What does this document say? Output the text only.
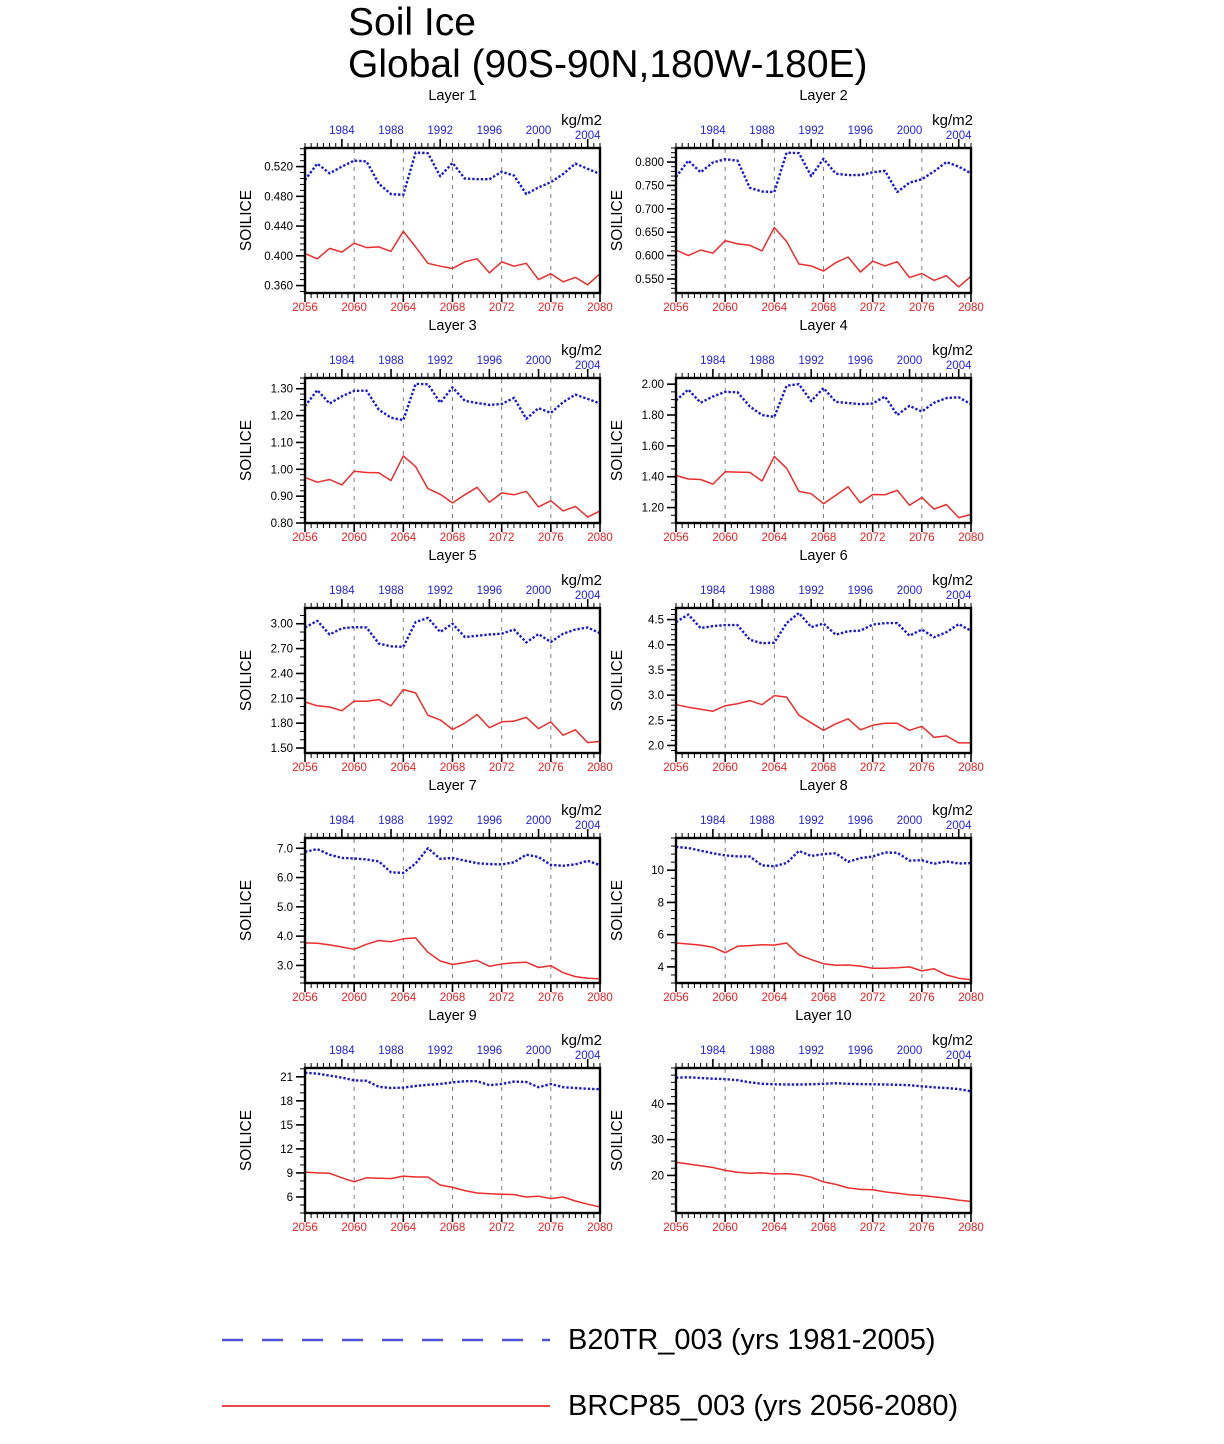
Soil Ice
Global (90S-90N,180W-180E)
0.360
0.400
0.440
0.480
0.520
1984 1988 1992 1996 2000 2004
2056 2060 2064 2068 2072 2076 2080
kg/m2
Layer 1
SOILICE
0.550
0.600
0.650
0.700
0.750
0.800
1984 1988 1992 1996 2000 2004
2056 2060 2064 2068 2072 2076 2080
kg/m2
Layer 2
SOILICE
0.80
0.90
1.00
1.10
1.20
1.30
1984 1988 1992 1996 2000 2004
2056 2060 2064 2068 2072 2076 2080
kg/m2
Layer 3
SOILICE
1.20
1.40
1.60
1.80
2.00
1984 1988 1992 1996 2000 2004
2056 2060 2064 2068 2072 2076 2080
kg/m2
Layer 4
SOILICE
1.50
1.80
2.10
2.40
2.70
3.00
1984 1988 1992 1996 2000 2004
2056 2060 2064 2068 2072 2076 2080
kg/m2
Layer 5
SOILICE
2.0
2.5
3.0
3.5
4.0
4.5
1984 1988 1992 1996 2000 2004
2056 2060 2064 2068 2072 2076 2080
kg/m2
Layer 6
SOILICE
3.0
4.0
5.0
6.0
7.0
1984 1988 1992 1996 2000 2004
2056 2060 2064 2068 2072 2076 2080
kg/m2
Layer 7
SOILICE
4
6
8
10
1984 1988 1992 1996 2000 2004
2056 2060 2064 2068 2072 2076 2080
kg/m2
Layer 8
SOILICE
6
9
12
15
18
21
1984 1988 1992 1996 2000 2004
2056 2060 2064 2068 2072 2076 2080
kg/m2
Layer 9
SOILICE
20
30
40
1984 1988 1992 1996 2000 2004
2056 2060 2064 2068 2072 2076 2080
kg/m2
Layer 10
SOILICE
B20TR_003 (yrs 1981-2005)
BRCP85_003 (yrs 2056-2080)
